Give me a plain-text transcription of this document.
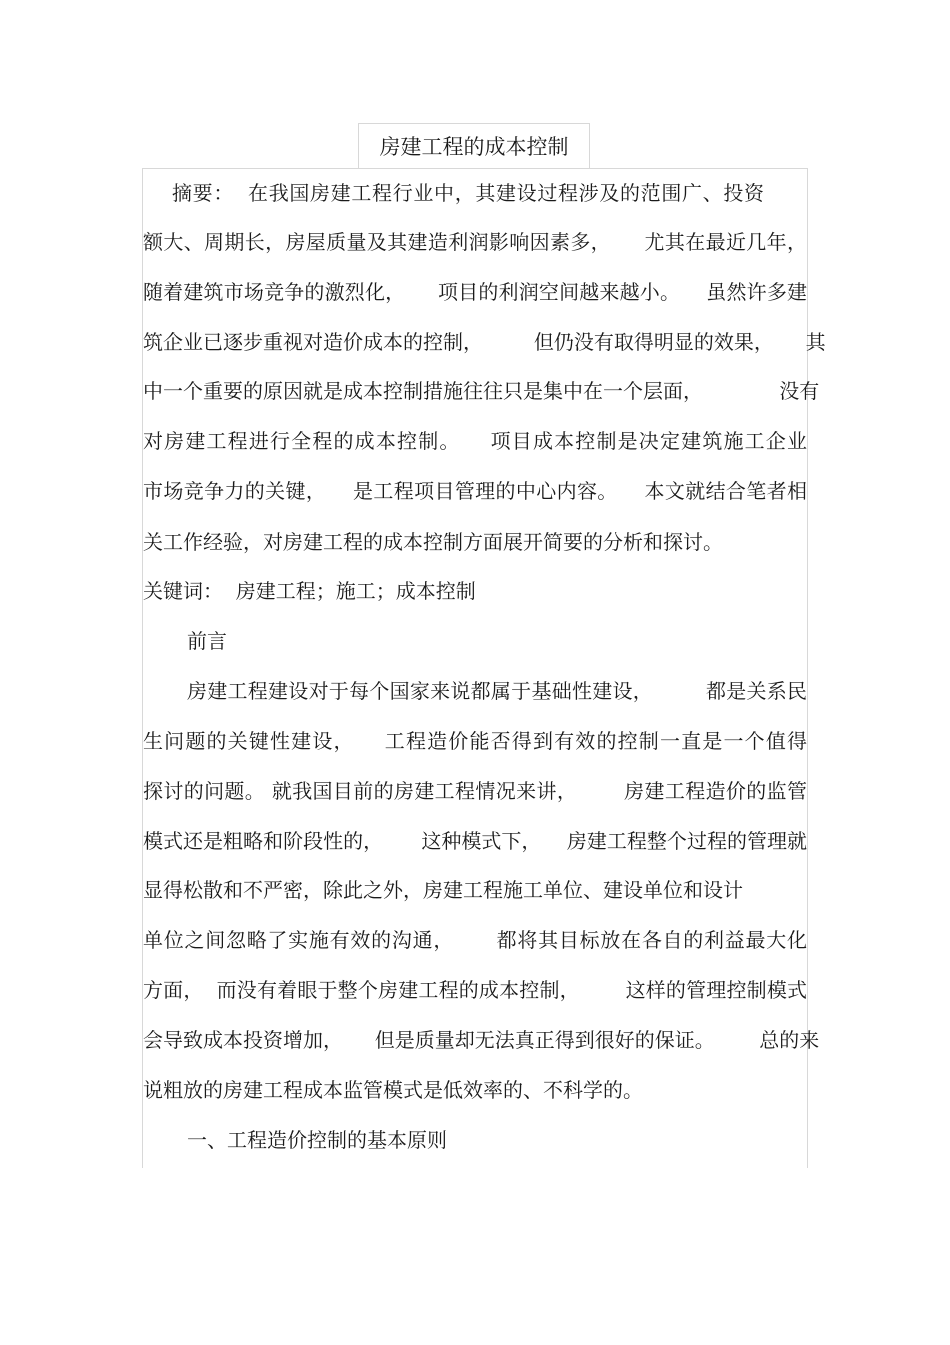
房建工程的成本控制
摘要：  在我国房建工程行业中，其建设过程涉及的范围广、投资
额大、周期长，房屋质量及其建造利润影响因素多，     尤其在最近几年，
随着建筑市场竞争的激烈化，     项目的利润空间越来越小。    虽然许多建
筑企业已逐步重视对造价成本的控制，        但仍没有取得明显的效果，     其
中一个重要的原因就是成本控制措施往往只是集中在一个层面，            没有
对房建工程进行全程的成本控制。    项目成本控制是决定建筑施工企业
市场竞争力的关键，    是工程项目管理的中心内容。    本文就结合笔者相
关工作经验，对房建工程的成本控制方面展开简要的分析和探讨。
关键词：  房建工程；施工；成本控制
前言
房建工程建设对于每个国家来说都属于基础性建设，        都是关系民
生问题的关键性建设，    工程造价能否得到有效的控制一直是一个值得
探讨的问题。 就我国目前的房建工程情况来讲，       房建工程造价的监管
模式还是粗略和阶段性的，      这种模式下，    房建工程整个过程的管理就
显得松散和不严密，除此之外，房建工程施工单位、建设单位和设计
单位之间忽略了实施有效的沟通，      都将其目标放在各自的利益最大化
方面，  而没有着眼于整个房建工程的成本控制，       这样的管理控制模式
会导致成本投资增加，     但是质量却无法真正得到很好的保证。       总的来
说粗放的房建工程成本监管模式是低效率的、不科学的。
一、工程造价控制的基本原则
